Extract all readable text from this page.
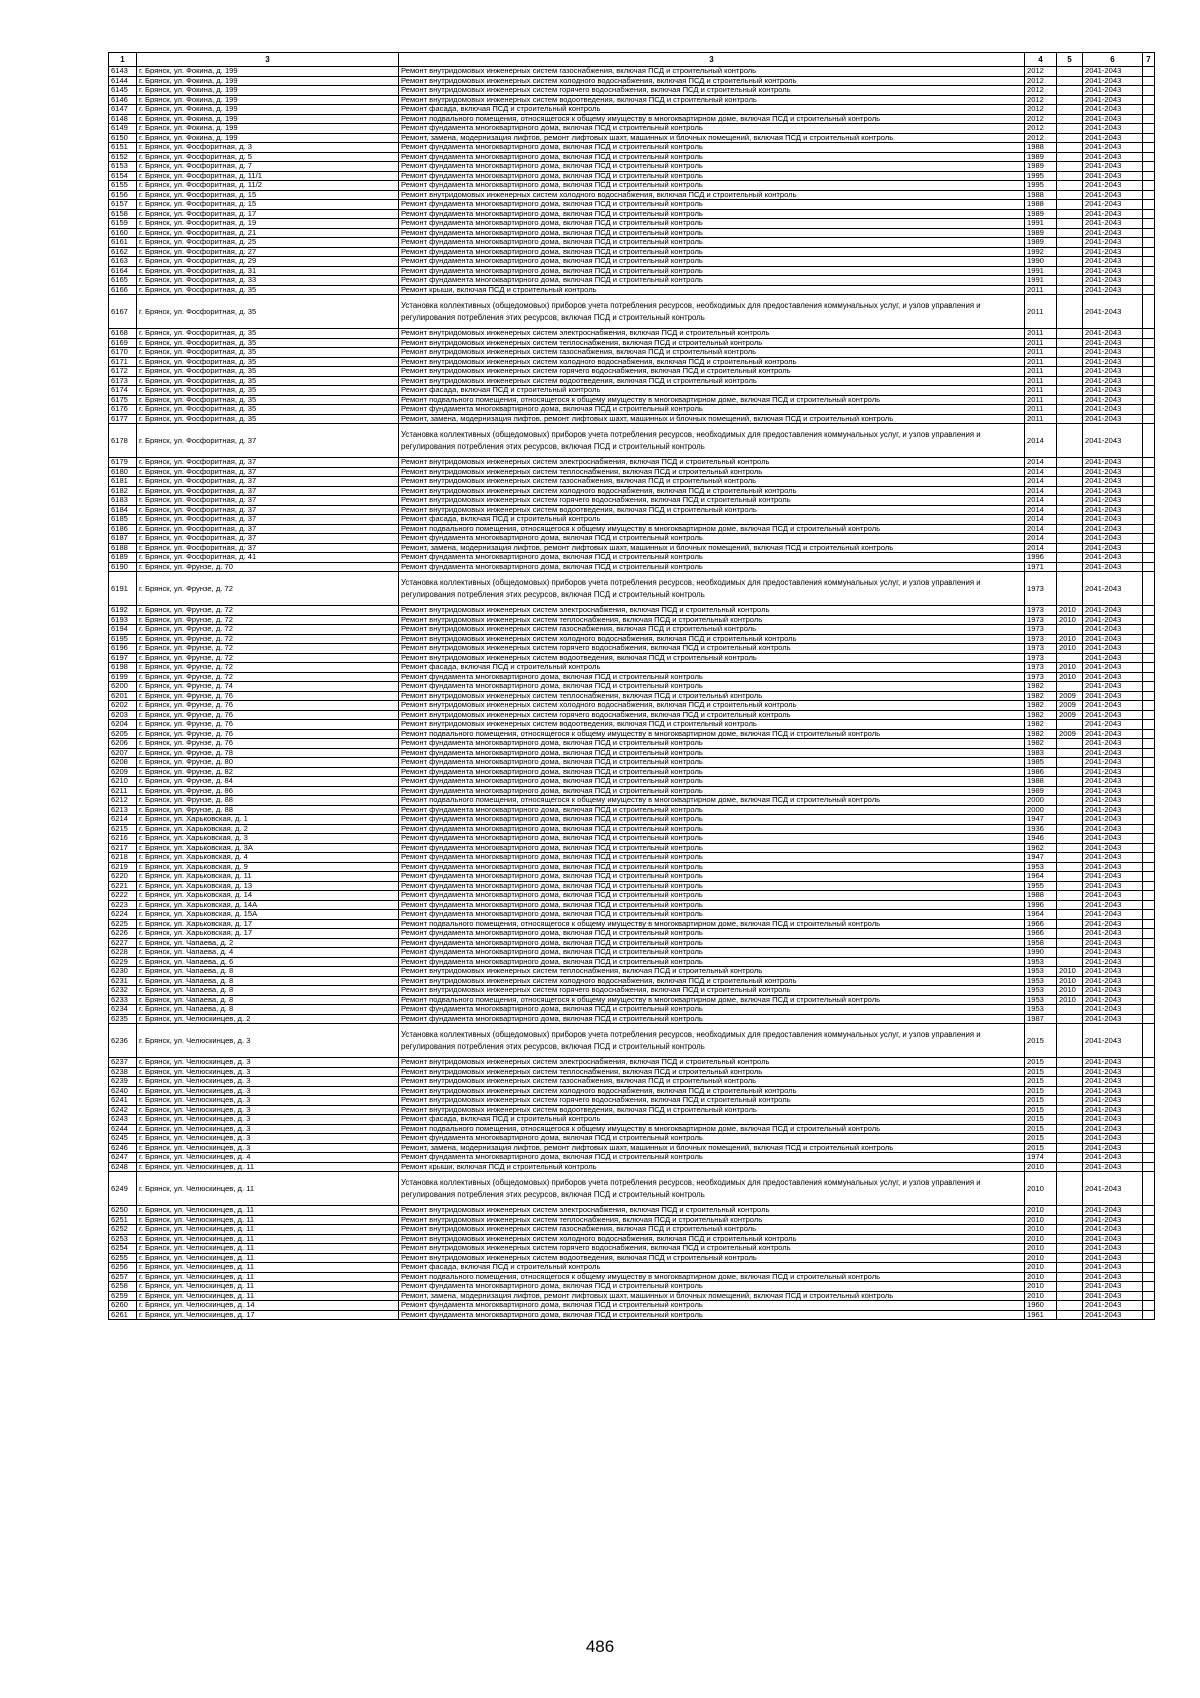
1	3	3	4	5	6	7
6143	г. Брянск, ул. Фокина, д. 199	Ремонт внутридомовых инженерных систем газоснабжения, включая ПСД и строительный контроль	2012		2041-2043	
6144	г. Брянск, ул. Фокина, д. 199	Ремонт внутридомовых инженерных систем холодного водоснабжения, включая ПСД и строительный контроль	2012		2041-2043	
6145	г. Брянск, ул. Фокина, д. 199	Ремонт внутридомовых инженерных систем горячего водоснабжения, включая ПСД и строительный контроль	2012		2041-2043	
6146	г. Брянск, ул. Фокина, д. 199	Ремонт внутридомовых инженерных систем водоотведения, включая ПСД и строительный контроль	2012		2041-2043	
6147	г. Брянск, ул. Фокина, д. 199	Ремонт фасада, включая ПСД и строительный контроль	2012		2041-2043	
6148	г. Брянск, ул. Фокина, д. 199	Ремонт подвального помещения, относящегося к общему имуществу в многоквартирном доме, включая ПСД и строительный контроль	2012		2041-2043	
6149	г. Брянск, ул. Фокина, д. 199	Ремонт фундамента многоквартирного дома, включая ПСД и строительный контроль	2012		2041-2043	
6150	г. Брянск, ул. Фокина, д. 199	Ремонт, замена, модернизация лифтов, ремонт лифтовых шахт, машинных и блочных помещений, включая ПСД и строительный контроль	2012		2041-2043	
6151	г. Брянск, ул. Фосфоритная, д. 3	Ремонт фундамента многоквартирного дома, включая ПСД и строительный контроль	1988		2041-2043	
6152	г. Брянск, ул. Фосфоритная, д. 5	Ремонт фундамента многоквартирного дома, включая ПСД и строительный контроль	1989		2041-2043	
6153	г. Брянск, ул. Фосфоритная, д. 7	Ремонт фундамента многоквартирного дома, включая ПСД и строительный контроль	1989		2041-2043	
6154	г. Брянск, ул. Фосфоритная, д. 11/1	Ремонт фундамента многоквартирного дома, включая ПСД и строительный контроль	1995		2041-2043	
6155	г. Брянск, ул. Фосфоритная, д. 11/2	Ремонт фундамента многоквартирного дома, включая ПСД и строительный контроль	1995		2041-2043	
6156	г. Брянск, ул. Фосфоритная, д. 15	Ремонт внутридомовых инженерных систем холодного водоснабжения, включая ПСД и строительный контроль	1988		2041-2043	
6157	г. Брянск, ул. Фосфоритная, д. 15	Ремонт фундамента многоквартирного дома, включая ПСД и строительный контроль	1988		2041-2043	
6158	г. Брянск, ул. Фосфоритная, д. 17	Ремонт фундамента многоквартирного дома, включая ПСД и строительный контроль	1989		2041-2043	
6159	г. Брянск, ул. Фосфоритная, д. 19	Ремонт фундамента многоквартирного дома, включая ПСД и строительный контроль	1991		2041-2043	
6160	г. Брянск, ул. Фосфоритная, д. 21	Ремонт фундамента многоквартирного дома, включая ПСД и строительный контроль	1989		2041-2043	
6161	г. Брянск, ул. Фосфоритная, д. 25	Ремонт фундамента многоквартирного дома, включая ПСД и строительный контроль	1989		2041-2043	
6162	г. Брянск, ул. Фосфоритная, д. 27	Ремонт фундамента многоквартирного дома, включая ПСД и строительный контроль	1992		2041-2043	
6163	г. Брянск, ул. Фосфоритная, д. 29	Ремонт фундамента многоквартирного дома, включая ПСД и строительный контроль	1990		2041-2043	
6164	г. Брянск, ул. Фосфоритная, д. 31	Ремонт фундамента многоквартирного дома, включая ПСД и строительный контроль	1991		2041-2043	
6165	г. Брянск, ул. Фосфоритная, д. 33	Ремонт фундамента многоквартирного дома, включая ПСД и строительный контроль	1991		2041-2043	
6166	г. Брянск, ул. Фосфоритная, д. 35	Ремонт крыши, включая ПСД и строительный контроль	2011		2041-2043	
6167	г. Брянск, ул. Фосфоритная, д. 35	Установка коллективных (общедомовых) приборов учета потребления ресурсов, необходимых для предоставления коммунальных услуг, и узлов управления и регулирования потребления этих ресурсов, включая ПСД и строительный контроль	2011		2041-2043	
6168	г. Брянск, ул. Фосфоритная, д. 35	Ремонт внутридомовых инженерных систем электроснабжения, включая ПСД и строительный контроль	2011		2041-2043	
6169	г. Брянск, ул. Фосфоритная, д. 35	Ремонт внутридомовых инженерных систем теплоснабжения, включая ПСД и строительный контроль	2011		2041-2043	
6170	г. Брянск, ул. Фосфоритная, д. 35	Ремонт внутридомовых инженерных систем газоснабжения, включая ПСД и строительный контроль	2011		2041-2043	
6171	г. Брянск, ул. Фосфоритная, д. 35	Ремонт внутридомовых инженерных систем холодного водоснабжения, включая ПСД и строительный контроль	2011		2041-2043	
6172	г. Брянск, ул. Фосфоритная, д. 35	Ремонт внутридомовых инженерных систем горячего водоснабжения, включая ПСД и строительный контроль	2011		2041-2043	
6173	г. Брянск, ул. Фосфоритная, д. 35	Ремонт внутридомовых инженерных систем водоотведения, включая ПСД и строительный контроль	2011		2041-2043	
6174	г. Брянск, ул. Фосфоритная, д. 35	Ремонт фасада, включая ПСД и строительный контроль	2011		2041-2043	
6175	г. Брянск, ул. Фосфоритная, д. 35	Ремонт подвального помещения, относящегося к общему имуществу в многоквартирном доме, включая ПСД и строительный контроль	2011		2041-2043	
6176	г. Брянск, ул. Фосфоритная, д. 35	Ремонт фундамента многоквартирного дома, включая ПСД и строительный контроль	2011		2041-2043	
6177	г. Брянск, ул. Фосфоритная, д. 35	Ремонт, замена, модернизация лифтов, ремонт лифтовых шахт, машинных и блочных помещений, включая ПСД и строительный контроль	2011		2041-2043	
6178	г. Брянск, ул. Фосфоритная, д. 37	Установка коллективных (общедомовых) приборов учета потребления ресурсов, необходимых для предоставления коммунальных услуг, и узлов управления и регулирования потребления этих ресурсов, включая ПСД и строительный контроль	2014		2041-2043	
6179	г. Брянск, ул. Фосфоритная, д. 37	Ремонт внутридомовых инженерных систем электроснабжения, включая ПСД и строительный контроль	2014		2041-2043	
6180	г. Брянск, ул. Фосфоритная, д. 37	Ремонт внутридомовых инженерных систем теплоснабжения, включая ПСД и строительный контроль	2014		2041-2043	
6181	г. Брянск, ул. Фосфоритная, д. 37	Ремонт внутридомовых инженерных систем газоснабжения, включая ПСД и строительный контроль	2014		2041-2043	
6182	г. Брянск, ул. Фосфоритная, д. 37	Ремонт внутридомовых инженерных систем холодного водоснабжения, включая ПСД и строительный контроль	2014		2041-2043	
6183	г. Брянск, ул. Фосфоритная, д. 37	Ремонт внутридомовых инженерных систем горячего водоснабжения, включая ПСД и строительный контроль	2014		2041-2043	
6184	г. Брянск, ул. Фосфоритная, д. 37	Ремонт внутридомовых инженерных систем водоотведения, включая ПСД и строительный контроль	2014		2041-2043	
6185	г. Брянск, ул. Фосфоритная, д. 37	Ремонт фасада, включая ПСД и строительный контроль	2014		2041-2043	
6186	г. Брянск, ул. Фосфоритная, д. 37	Ремонт подвального помещения, относящегося к общему имуществу в многоквартирном доме, включая ПСД и строительный контроль	2014		2041-2043	
6187	г. Брянск, ул. Фосфоритная, д. 37	Ремонт фундамента многоквартирного дома, включая ПСД и строительный контроль	2014		2041-2043	
6188	г. Брянск, ул. Фосфоритная, д. 37	Ремонт, замена, модернизация лифтов, ремонт лифтовых шахт, машинных и блочных помещений, включая ПСД и строительный контроль	2014		2041-2043	
6189	г. Брянск, ул. Фосфоритная, д. 41	Ремонт фундамента многоквартирного дома, включая ПСД и строительный контроль	1996		2041-2043	
6190	г. Брянск, ул. Фрунзе, д. 70	Ремонт фундамента многоквартирного дома, включая ПСД и строительный контроль	1971		2041-2043	
6191	г. Брянск, ул. Фрунзе, д. 72	Установка коллективных (общедомовых) приборов учета потребления ресурсов, необходимых для предоставления коммунальных услуг, и узлов управления и регулирования потребления этих ресурсов, включая ПСД и строительный контроль	1973		2041-2043	
6192	г. Брянск, ул. Фрунзе, д. 72	Ремонт внутридомовых инженерных систем электроснабжения, включая ПСД и строительный контроль	1973	2010	2041-2043	
6193	г. Брянск, ул. Фрунзе, д. 72	Ремонт внутридомовых инженерных систем теплоснабжения, включая ПСД и строительный контроль	1973	2010	2041-2043	
6194	г. Брянск, ул. Фрунзе, д. 72	Ремонт внутридомовых инженерных систем газоснабжения, включая ПСД и строительный контроль	1973		2041-2043	
6195	г. Брянск, ул. Фрунзе, д. 72	Ремонт внутридомовых инженерных систем холодного водоснабжения, включая ПСД и строительный контроль	1973	2010	2041-2043	
6196	г. Брянск, ул. Фрунзе, д. 72	Ремонт внутридомовых инженерных систем горячего водоснабжения, включая ПСД и строительный контроль	1973	2010	2041-2043	
6197	г. Брянск, ул. Фрунзе, д. 72	Ремонт внутридомовых инженерных систем водоотведения, включая ПСД и строительный контроль	1973		2041-2043	
6198	г. Брянск, ул. Фрунзе, д. 72	Ремонт фасада, включая ПСД и строительный контроль	1973	2010	2041-2043	
6199	г. Брянск, ул. Фрунзе, д. 72	Ремонт фундамента многоквартирного дома, включая ПСД и строительный контроль	1973	2010	2041-2043	
6200	г. Брянск, ул. Фрунзе, д. 74	Ремонт фундамента многоквартирного дома, включая ПСД и строительный контроль	1982		2041-2043	
6201	г. Брянск, ул. Фрунзе, д. 76	Ремонт внутридомовых инженерных систем теплоснабжения, включая ПСД и строительный контроль	1982	2009	2041-2043	
6202	г. Брянск, ул. Фрунзе, д. 76	Ремонт внутридомовых инженерных систем холодного водоснабжения, включая ПСД и строительный контроль	1982	2009	2041-2043	
6203	г. Брянск, ул. Фрунзе, д. 76	Ремонт внутридомовых инженерных систем горячего водоснабжения, включая ПСД и строительный контроль	1982	2009	2041-2043	
6204	г. Брянск, ул. Фрунзе, д. 76	Ремонт внутридомовых инженерных систем водоотведения, включая ПСД и строительный контроль	1982		2041-2043	
6205	г. Брянск, ул. Фрунзе, д. 76	Ремонт подвального помещения, относящегося к общему имуществу в многоквартирном доме, включая ПСД и строительный контроль	1982	2009	2041-2043	
6206	г. Брянск, ул. Фрунзе, д. 76	Ремонт фундамента многоквартирного дома, включая ПСД и строительный контроль	1982		2041-2043	
6207	г. Брянск, ул. Фрунзе, д. 78	Ремонт фундамента многоквартирного дома, включая ПСД и строительный контроль	1983		2041-2043	
6208	г. Брянск, ул. Фрунзе, д. 80	Ремонт фундамента многоквартирного дома, включая ПСД и строительный контроль	1985		2041-2043	
6209	г. Брянск, ул. Фрунзе, д. 82	Ремонт фундамента многоквартирного дома, включая ПСД и строительный контроль	1986		2041-2043	
6210	г. Брянск, ул. Фрунзе, д. 84	Ремонт фундамента многоквартирного дома, включая ПСД и строительный контроль	1988		2041-2043	
6211	г. Брянск, ул. Фрунзе, д. 86	Ремонт фундамента многоквартирного дома, включая ПСД и строительный контроль	1989		2041-2043	
6212	г. Брянск, ул. Фрунзе, д. 88	Ремонт подвального помещения, относящегося к общему имуществу в многоквартирном доме, включая ПСД и строительный контроль	2000		2041-2043	
6213	г. Брянск, ул. Фрунзе, д. 88	Ремонт фундамента многоквартирного дома, включая ПСД и строительный контроль	2000		2041-2043	
6214	г. Брянск, ул. Харьковская, д. 1	Ремонт фундамента многоквартирного дома, включая ПСД и строительный контроль	1947		2041-2043	
6215	г. Брянск, ул. Харьковская, д. 2	Ремонт фундамента многоквартирного дома, включая ПСД и строительный контроль	1936		2041-2043	
6216	г. Брянск, ул. Харьковская, д. 3	Ремонт фундамента многоквартирного дома, включая ПСД и строительный контроль	1946		2041-2043	
6217	г. Брянск, ул. Харьковская, д. 3А	Ремонт фундамента многоквартирного дома, включая ПСД и строительный контроль	1962		2041-2043	
6218	г. Брянск, ул. Харьковская, д. 4	Ремонт фундамента многоквартирного дома, включая ПСД и строительный контроль	1947		2041-2043	
6219	г. Брянск, ул. Харьковская, д. 9	Ремонт фундамента многоквартирного дома, включая ПСД и строительный контроль	1953		2041-2043	
6220	г. Брянск, ул. Харьковская, д. 11	Ремонт фундамента многоквартирного дома, включая ПСД и строительный контроль	1964		2041-2043	
6221	г. Брянск, ул. Харьковская, д. 13	Ремонт фундамента многоквартирного дома, включая ПСД и строительный контроль	1955		2041-2043	
6222	г. Брянск, ул. Харьковская, д. 14	Ремонт фундамента многоквартирного дома, включая ПСД и строительный контроль	1988		2041-2043	
6223	г. Брянск, ул. Харьковская, д. 14А	Ремонт фундамента многоквартирного дома, включая ПСД и строительный контроль	1996		2041-2043	
6224	г. Брянск, ул. Харьковская, д. 15А	Ремонт фундамента многоквартирного дома, включая ПСД и строительный контроль	1964		2041-2043	
6225	г. Брянск, ул. Харьковская, д. 17	Ремонт подвального помещения, относящегося к общему имуществу в многоквартирном доме, включая ПСД и строительный контроль	1966		2041-2043	
6226	г. Брянск, ул. Харьковская, д. 17	Ремонт фундамента многоквартирного дома, включая ПСД и строительный контроль	1966		2041-2043	
6227	г. Брянск, ул. Чапаева, д. 2	Ремонт фундамента многоквартирного дома, включая ПСД и строительный контроль	1958		2041-2043	
6228	г. Брянск, ул. Чапаева, д. 4	Ремонт фундамента многоквартирного дома, включая ПСД и строительный контроль	1990		2041-2043	
6229	г. Брянск, ул. Чапаева, д. 6	Ремонт фундамента многоквартирного дома, включая ПСД и строительный контроль	1953		2041-2043	
6230	г. Брянск, ул. Чапаева, д. 8	Ремонт внутридомовых инженерных систем теплоснабжения, включая ПСД и строительный контроль	1953	2010	2041-2043	
6231	г. Брянск, ул. Чапаева, д. 8	Ремонт внутридомовых инженерных систем холодного водоснабжения, включая ПСД и строительный контроль	1953	2010	2041-2043	
6232	г. Брянск, ул. Чапаева, д. 8	Ремонт внутридомовых инженерных систем горячего водоснабжения, включая ПСД и строительный контроль	1953	2010	2041-2043	
6233	г. Брянск, ул. Чапаева, д. 8	Ремонт подвального помещения, относящегося к общему имуществу в многоквартирном доме, включая ПСД и строительный контроль	1953	2010	2041-2043	
6234	г. Брянск, ул. Чапаева, д. 8	Ремонт фундамента многоквартирного дома, включая ПСД и строительный контроль	1953		2041-2043	
6235	г. Брянск, ул. Челюскинцев, д. 2	Ремонт фундамента многоквартирного дома, включая ПСД и строительный контроль	1987		2041-2043	
6236	г. Брянск, ул. Челюскинцев, д. 3	Установка коллективных (общедомовых) приборов учета потребления ресурсов, необходимых для предоставления коммунальных услуг, и узлов управления и регулирования потребления этих ресурсов, включая ПСД и строительный контроль	2015		2041-2043	
6237	г. Брянск, ул. Челюскинцев, д. 3	Ремонт внутридомовых инженерных систем электроснабжения, включая ПСД и строительный контроль	2015		2041-2043	
6238	г. Брянск, ул. Челюскинцев, д. 3	Ремонт внутридомовых инженерных систем теплоснабжения, включая ПСД и строительный контроль	2015		2041-2043	
6239	г. Брянск, ул. Челюскинцев, д. 3	Ремонт внутридомовых инженерных систем газоснабжения, включая ПСД и строительный контроль	2015		2041-2043	
6240	г. Брянск, ул. Челюскинцев, д. 3	Ремонт внутридомовых инженерных систем холодного водоснабжения, включая ПСД и строительный контроль	2015		2041-2043	
6241	г. Брянск, ул. Челюскинцев, д. 3	Ремонт внутридомовых инженерных систем горячего водоснабжения, включая ПСД и строительный контроль	2015		2041-2043	
6242	г. Брянск, ул. Челюскинцев, д. 3	Ремонт внутридомовых инженерных систем водоотведения, включая ПСД и строительный контроль	2015		2041-2043	
6243	г. Брянск, ул. Челюскинцев, д. 3	Ремонт фасада, включая ПСД и строительный контроль	2015		2041-2043	
6244	г. Брянск, ул. Челюскинцев, д. 3	Ремонт подвального помещения, относящегося к общему имуществу в многоквартирном доме, включая ПСД и строительный контроль	2015		2041-2043	
6245	г. Брянск, ул. Челюскинцев, д. 3	Ремонт фундамента многоквартирного дома, включая ПСД и строительный контроль	2015		2041-2043	
6246	г. Брянск, ул. Челюскинцев, д. 3	Ремонт, замена, модернизация лифтов, ремонт лифтовых шахт, машинных и блочных помещений, включая ПСД и строительный контроль	2015		2041-2043	
6247	г. Брянск, ул. Челюскинцев, д. 4	Ремонт фундамента многоквартирного дома, включая ПСД и строительный контроль	1974		2041-2043	
6248	г. Брянск, ул. Челюскинцев, д. 11	Ремонт крыши, включая ПСД и строительный контроль	2010		2041-2043	
6249	г. Брянск, ул. Челюскинцев, д. 11	Установка коллективных (общедомовых) приборов учета потребления ресурсов, необходимых для предоставления коммунальных услуг, и узлов управления и регулирования потребления этих ресурсов, включая ПСД и строительный контроль	2010		2041-2043	
6250	г. Брянск, ул. Челюскинцев, д. 11	Ремонт внутридомовых инженерных систем электроснабжения, включая ПСД и строительный контроль	2010		2041-2043	
6251	г. Брянск, ул. Челюскинцев, д. 11	Ремонт внутридомовых инженерных систем теплоснабжения, включая ПСД и строительный контроль	2010		2041-2043	
6252	г. Брянск, ул. Челюскинцев, д. 11	Ремонт внутридомовых инженерных систем газоснабжения, включая ПСД и строительный контроль	2010		2041-2043	
6253	г. Брянск, ул. Челюскинцев, д. 11	Ремонт внутридомовых инженерных систем холодного водоснабжения, включая ПСД и строительный контроль	2010		2041-2043	
6254	г. Брянск, ул. Челюскинцев, д. 11	Ремонт внутридомовых инженерных систем горячего водоснабжения, включая ПСД и строительный контроль	2010		2041-2043	
6255	г. Брянск, ул. Челюскинцев, д. 11	Ремонт внутридомовых инженерных систем водоотведения, включая ПСД и строительный контроль	2010		2041-2043	
6256	г. Брянск, ул. Челюскинцев, д. 11	Ремонт фасада, включая ПСД и строительный контроль	2010		2041-2043	
6257	г. Брянск, ул. Челюскинцев, д. 11	Ремонт подвального помещения, относящегося к общему имуществу в многоквартирном доме, включая ПСД и строительный контроль	2010		2041-2043	
6258	г. Брянск, ул. Челюскинцев, д. 11	Ремонт фундамента многоквартирного дома, включая ПСД и строительный контроль	2010		2041-2043	
6259	г. Брянск, ул. Челюскинцев, д. 11	Ремонт, замена, модернизация лифтов, ремонт лифтовых шахт, машинных и блочных помещений, включая ПСД и строительный контроль	2010		2041-2043	
6260	г. Брянск, ул. Челюскинцев, д. 14	Ремонт фундамента многоквартирного дома, включая ПСД и строительный контроль	1960		2041-2043	
6261	г. Брянск, ул. Челюскинцев, д. 17	Ремонт фундамента многоквартирного дома, включая ПСД и строительный контроль	1961		2041-2043	
486
